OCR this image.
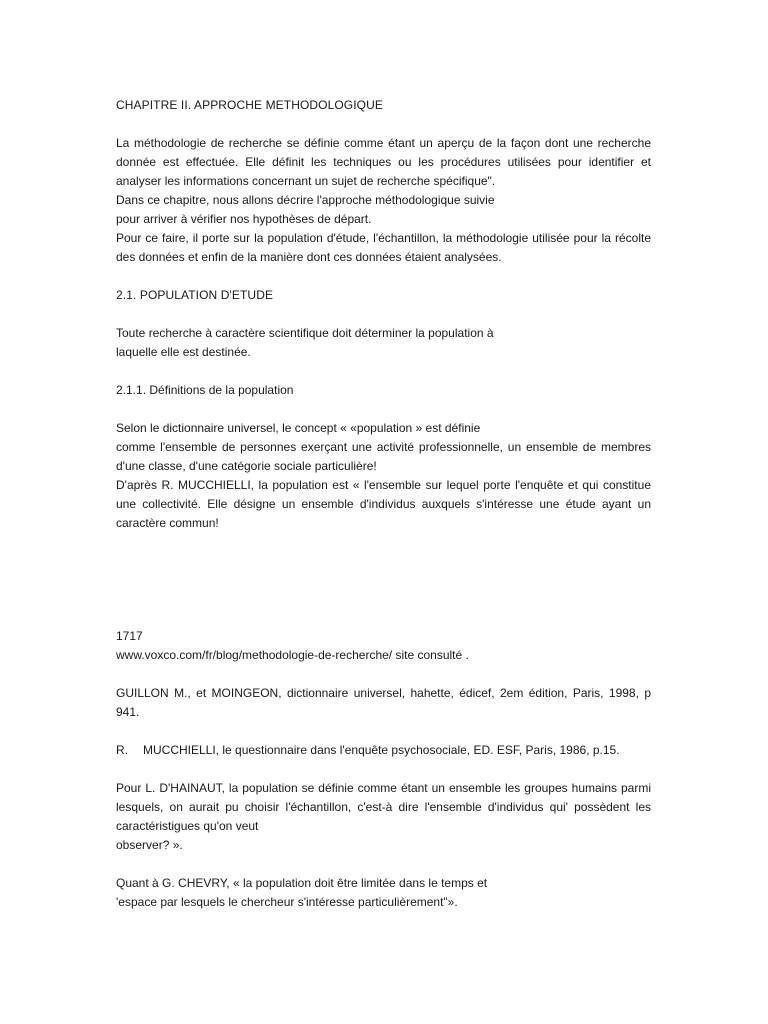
CHAPITRE II. APPROCHE METHODOLOGIQUE

La méthodologie de recherche se définie comme étant un aperçu de la façon dont une recherche donnée est effectuée. Elle définit les techniques ou les procédures utilisées pour identifier et analyser les informations concernant un sujet de recherche spécifique".

Dans ce chapitre, nous allons décrire l'approche méthodologique suivie

pour arriver à vérifier nos hypothèses de départ.

Pour ce faire, il porte sur la population d'étude, l'échantillon, la méthodologie utilisée pour la récolte des données et enfin de la manière dont ces données étaient analysées.

2.1. POPULATION D'ETUDE

Toute recherche à caractère scientifique doit déterminer la population à

laquelle elle est destinée.

2.1.1. Définitions de la population

Selon le dictionnaire universel, le concept « «population » est définie

comme l'ensemble de personnes exerçant une activité professionnelle, un ensemble de membres d'une classe, d'une catégorie sociale particulière!

D'après R. MUCCHIELLI, la population est « l'ensemble sur lequel porte l'enquête et qui constitue une collectivité. Elle désigne un ensemble d'individus auxquels s'intéresse une étude ayant un caractère commun!

1717

www.voxco.com/fr/blog/methodologie-de-recherche/ site consulté .

GUILLON M., et MOINGEON, dictionnaire universel, hahette, édicef, 2em édition, Paris, 1998, p 941.

R. MUCCHIELLI, le questionnaire dans l'enquête psychosociale, ED. ESF, Paris, 1986, p.15.

Pour L. D'HAINAUT, la population se définie comme étant un ensemble les groupes humains parmi lesquels, on aurait pu choisir l'échantillon, c'est-à dire l'ensemble d'individus qui' possèdent les caractéristigues qu'on veut

observer? ».

Quant à G. CHEVRY, « la population doit être limitée dans le temps et

'espace par lesquels le chercheur s'intéresse particulièrement"».
